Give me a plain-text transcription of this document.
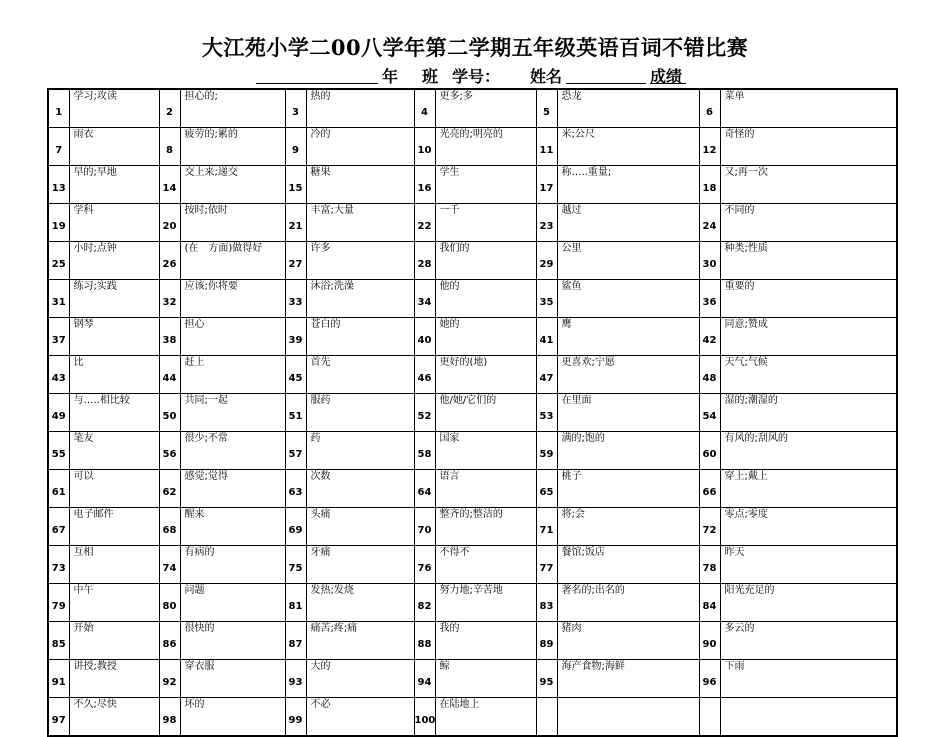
大江苑小学二00八学年第二学期五年级英语百词不错比赛
年 班 学号： 姓名	成绩
1	学习;攻读	2	担心的;	3	热的	4	更多;多	5	恐龙	6	菜单
7	雨衣	8	疲劳的;累的	9	冷的	10	光亮的;明亮的	11	米;公尺	12	奇怪的
13	早的;早地	14	交上来;递交	15	糖果	16	学生	17	称…..重量;	18	又;再一次
19	学科	20	按时;依时	21	丰富;大量	22	一千	23	越过	24	不同的
25	小时;点钟	26	(在　方面)做得好	27	许多	28	我们的	29	公里	30	种类;性质
31	练习;实践	32	应该;你将要	33	沐浴;洗澡	34	他的	35	鲨鱼	36	重要的
37	钢琴	38	担心	39	苍白的	40	她的	41	鹰	42	同意;赞成
43	比	44	赶上	45	首先	46	更好的(地)	47	更喜欢;宁愿	48	天气;气候
49	与…..相比较	50	共同;一起	51	服药	52	他/她/它们的	53	在里面	54	湿的;潮湿的
55	笔友	56	很少;不常	57	药	58	国家	59	满的;饱的	60	有风的;刮风的
61	可以	62	感觉;觉得	63	次数	64	语言	65	桃子	66	穿上;戴上
67	电子邮件	68	醒来	69	头痛	70	整齐的;整洁的	71	将;会	72	零点;零度
73	互相	74	有病的	75	牙痛	76	不得不	77	餐馆;饭店	78	昨天
79	中午	80	问题	81	发热;发烧	82	努力地;辛苦地	83	著名的;出名的	84	阳光充足的
85	开始	86	很快的	87	痛苦;疼;痛	88	我的	89	猪肉	90	多云的
91	讲授;教授	92	穿衣服	93	大的	94	鲸	95	海产食物;海鲜	96	下雨
97	不久;尽快	98	坏的	99	不必	100	在陆地上				
